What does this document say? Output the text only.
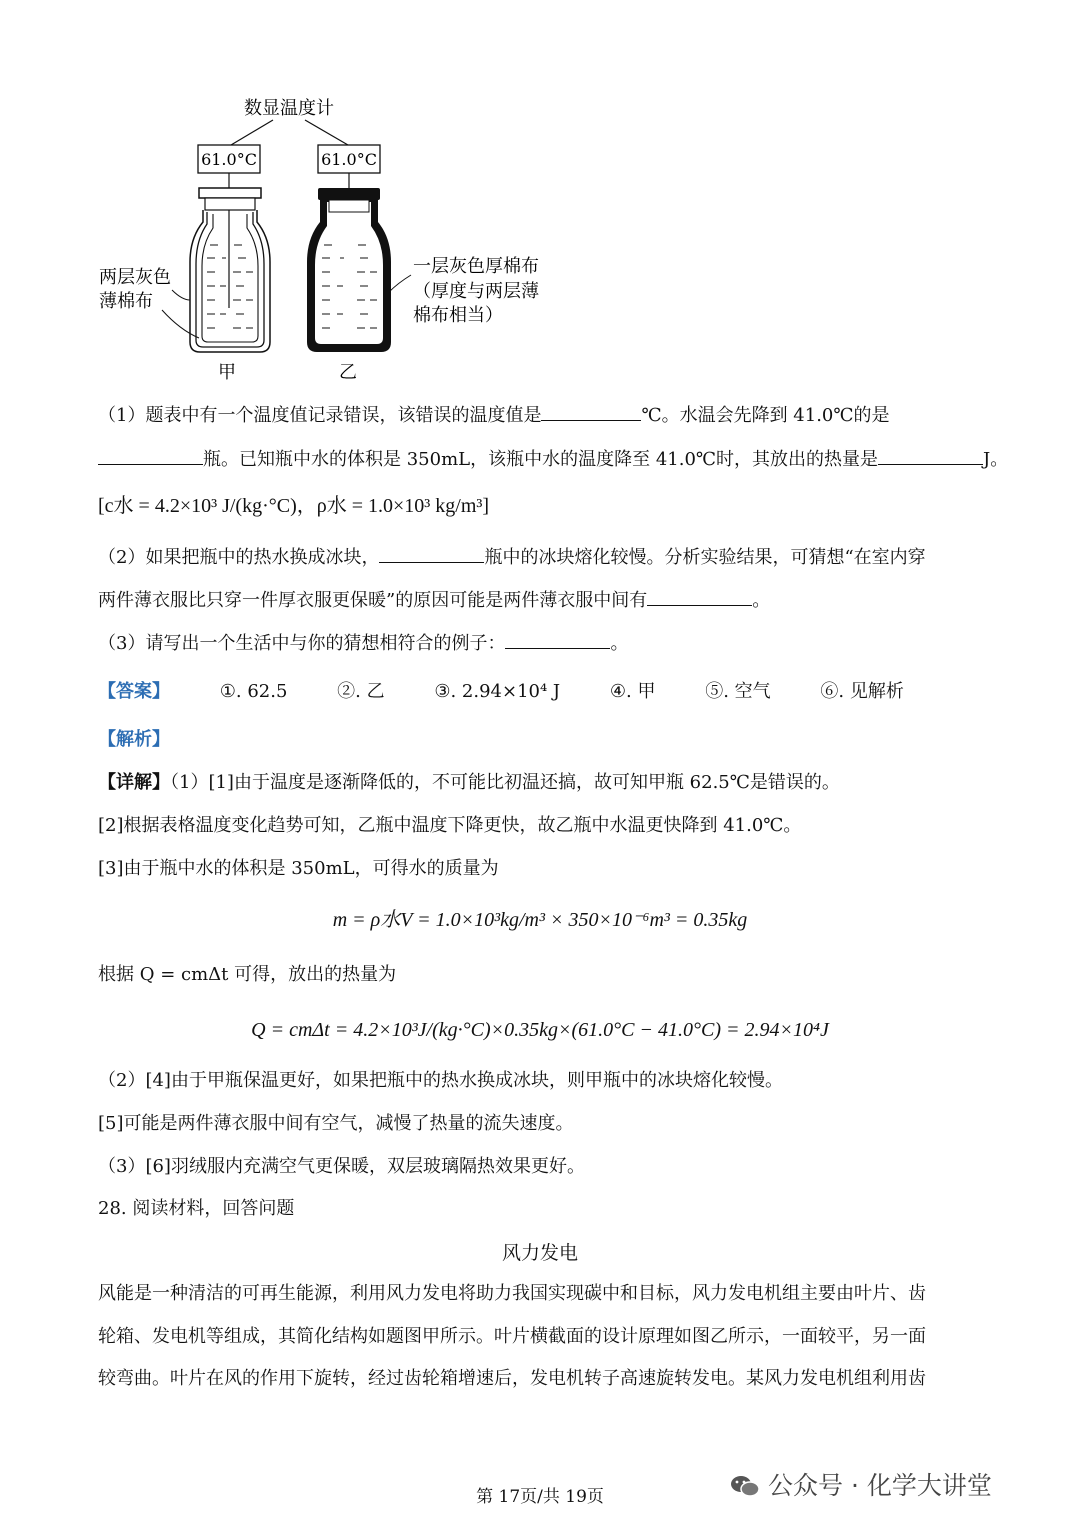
数显温度计
61.0°C	61.0°C
两层灰色
薄棉布
一层灰色厚棉布
（厚度与两层薄
棉布相当）
甲	乙
（1）题表中有一个温度值记录错误，该错误的温度值是	℃。水温会先降到 41.0℃的是
瓶。已知瓶中水的体积是 350mL，该瓶中水的温度降至 41.0℃时，其放出的热量是	J。
[c水 = 4.2×10³ J/(kg·°C)，ρ水 = 1.0×10³ kg/m³]
（2）如果把瓶中的热水换成冰块，	瓶中的冰块熔化较慢。分析实验结果，可猜想“在室内穿
两件薄衣服比只穿一件厚衣服更保暖”的原因可能是两件薄衣服中间有	。
（3）请写出一个生活中与你的猜想相符合的例子：	。
【答案】	①. 62.5	②. 乙	③. 2.94×10⁴ J	④. 甲	⑤. 空气	⑥. 见解析
【解析】
【详解】（1）[1]由于温度是逐渐降低的，不可能比初温还搞，故可知甲瓶 62.5℃是错误的。
[2]根据表格温度变化趋势可知，乙瓶中温度下降更快，故乙瓶中水温更快降到 41.0℃。
[3]由于瓶中水的体积是 350mL，可得水的质量为
m = ρ水V = 1.0×10³kg/m³ × 350×10⁻⁶m³ = 0.35kg
根据 Q = cmΔt 可得，放出的热量为
Q = cmΔt = 4.2×10³J/(kg·°C)×0.35kg×(61.0°C − 41.0°C) = 2.94×10⁴J
（2）[4]由于甲瓶保温更好，如果把瓶中的热水换成冰块，则甲瓶中的冰块熔化较慢。
[5]可能是两件薄衣服中间有空气，减慢了热量的流失速度。
（3）[6]羽绒服内充满空气更保暖，双层玻璃隔热效果更好。
28. 阅读材料，回答问题
风力发电
风能是一种清洁的可再生能源，利用风力发电将助力我国实现碳中和目标，风力发电机组主要由叶片、齿
轮箱、发电机等组成，其简化结构如题图甲所示。叶片横截面的设计原理如图乙所示，一面较平，另一面
较弯曲。叶片在风的作用下旋转，经过齿轮箱增速后，发电机转子高速旋转发电。某风力发电机组利用齿
第 17页/共 19页	公众号 · 化学大讲堂
